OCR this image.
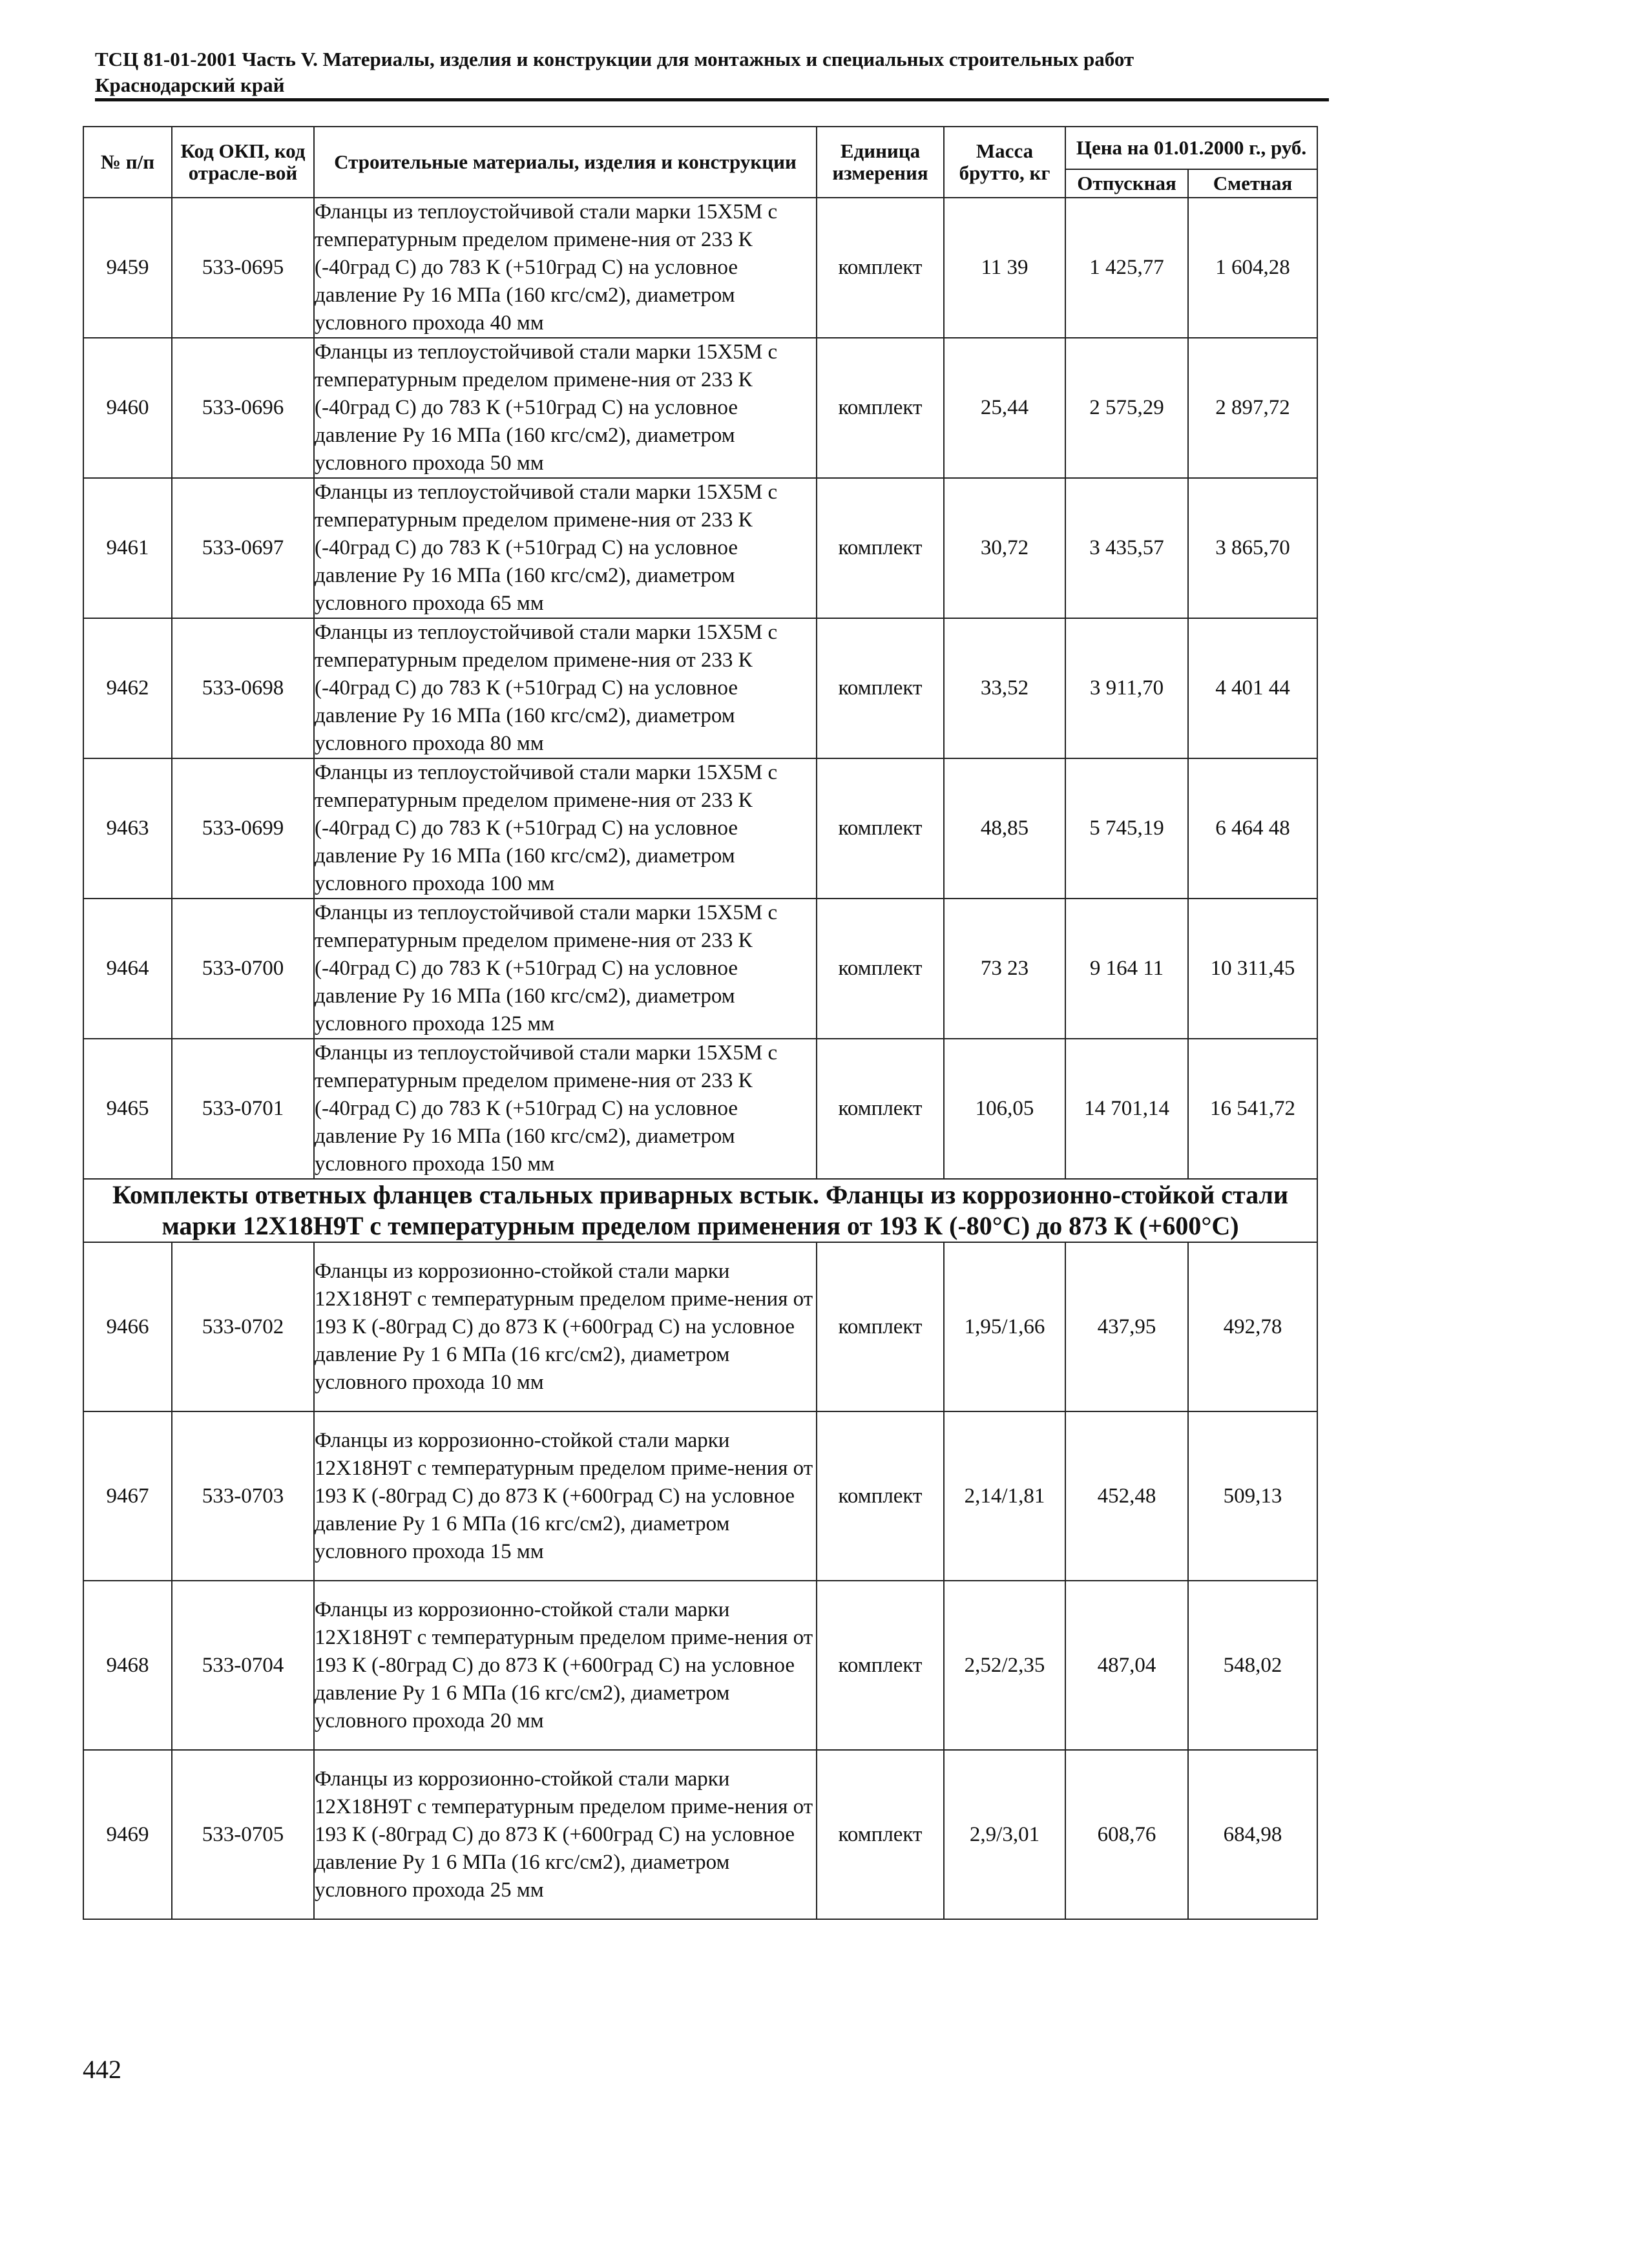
ТСЦ 81-01-2001 Часть V. Материалы, изделия и конструкции для монтажных и специальных строительных работ
Краснодарский край
№ п/п	Код ОКП, код отрасле-вой	Строительные материалы, изделия и конструкции	Единица измерения	Масса брутто, кг	Цена на 01.01.2000 г., руб.	
					Отпускная	Сметная
9459	533-0695	Фланцы из теплоустойчивой стали марки 15Х5М с температурным пределом примене-ния от 233 К (-40град С) до 783 К (+510град С) на условное давление Ру 16 МПа (160 кгс/см2), диаметром условного прохода 40 мм	комплект	11 39	1 425,77	1 604,28
9460	533-0696	Фланцы из теплоустойчивой стали марки 15Х5М с температурным пределом примене-ния от 233 К (-40град С) до 783 К (+510град С) на условное давление Ру 16 МПа (160 кгс/см2), диаметром условного прохода 50 мм	комплект	25,44	2 575,29	2 897,72
9461	533-0697	Фланцы из теплоустойчивой стали марки 15Х5М с температурным пределом примене-ния от 233 К (-40град С) до 783 К (+510град С) на условное давление Ру 16 МПа (160 кгс/см2), диаметром условного прохода 65 мм	комплект	30,72	3 435,57	3 865,70
9462	533-0698	Фланцы из теплоустойчивой стали марки 15Х5М с температурным пределом примене-ния от 233 К (-40град С) до 783 К (+510град С) на условное давление Ру 16 МПа (160 кгс/см2), диаметром условного прохода 80 мм	комплект	33,52	3 911,70	4 401 44
9463	533-0699	Фланцы из теплоустойчивой стали марки 15Х5М с температурным пределом примене-ния от 233 К (-40град С) до 783 К (+510град С) на условное давление Ру 16 МПа (160 кгс/см2), диаметром условного прохода 100 мм	комплект	48,85	5 745,19	6 464 48
9464	533-0700	Фланцы из теплоустойчивой стали марки 15Х5М с температурным пределом примене-ния от 233 К (-40град С) до 783 К (+510град С) на условное давление Ру 16 МПа (160 кгс/см2), диаметром условного прохода 125 мм	комплект	73 23	9 164 11	10 311,45
9465	533-0701	Фланцы из теплоустойчивой стали марки 15Х5М с температурным пределом примене-ния от 233 К (-40град С) до 783 К (+510град С) на условное давление Ру 16 МПа (160 кгс/см2), диаметром условного прохода 150 мм	комплект	106,05	14 701,14	16 541,72
Комплекты ответных фланцев стальных приварных встык. Фланцы из коррозионно-стойкой стали марки 12Х18Н9Т с температурным пределом применения от 193 К (-80°С) до 873 К (+600°С)						
9466	533-0702	Фланцы из коррозионно-стойкой стали марки 12Х18Н9Т с температурным пределом приме-нения от 193 К (-80град С) до 873 К (+600град С) на условное давление Ру 1 6 МПа (16 кгс/см2), диаметром условного прохода 10 мм	комплект	1,95/1,66	437,95	492,78
9467	533-0703	Фланцы из коррозионно-стойкой стали марки 12Х18Н9Т с температурным пределом приме-нения от 193 К (-80град С) до 873 К (+600град С) на условное давление Ру 1 6 МПа (16 кгс/см2), диаметром условного прохода 15 мм	комплект	2,14/1,81	452,48	509,13
9468	533-0704	Фланцы из коррозионно-стойкой стали марки 12Х18Н9Т с температурным пределом приме-нения от 193 К (-80град С) до 873 К (+600град С) на условное давление Ру 1 6 МПа (16 кгс/см2), диаметром условного прохода 20 мм	комплект	2,52/2,35	487,04	548,02
9469	533-0705	Фланцы из коррозионно-стойкой стали марки 12Х18Н9Т с температурным пределом приме-нения от 193 К (-80град С) до 873 К (+600град С) на условное давление Ру 1 6 МПа (16 кгс/см2), диаметром условного прохода 25 мм	комплект	2,9/3,01	608,76	684,98
442
